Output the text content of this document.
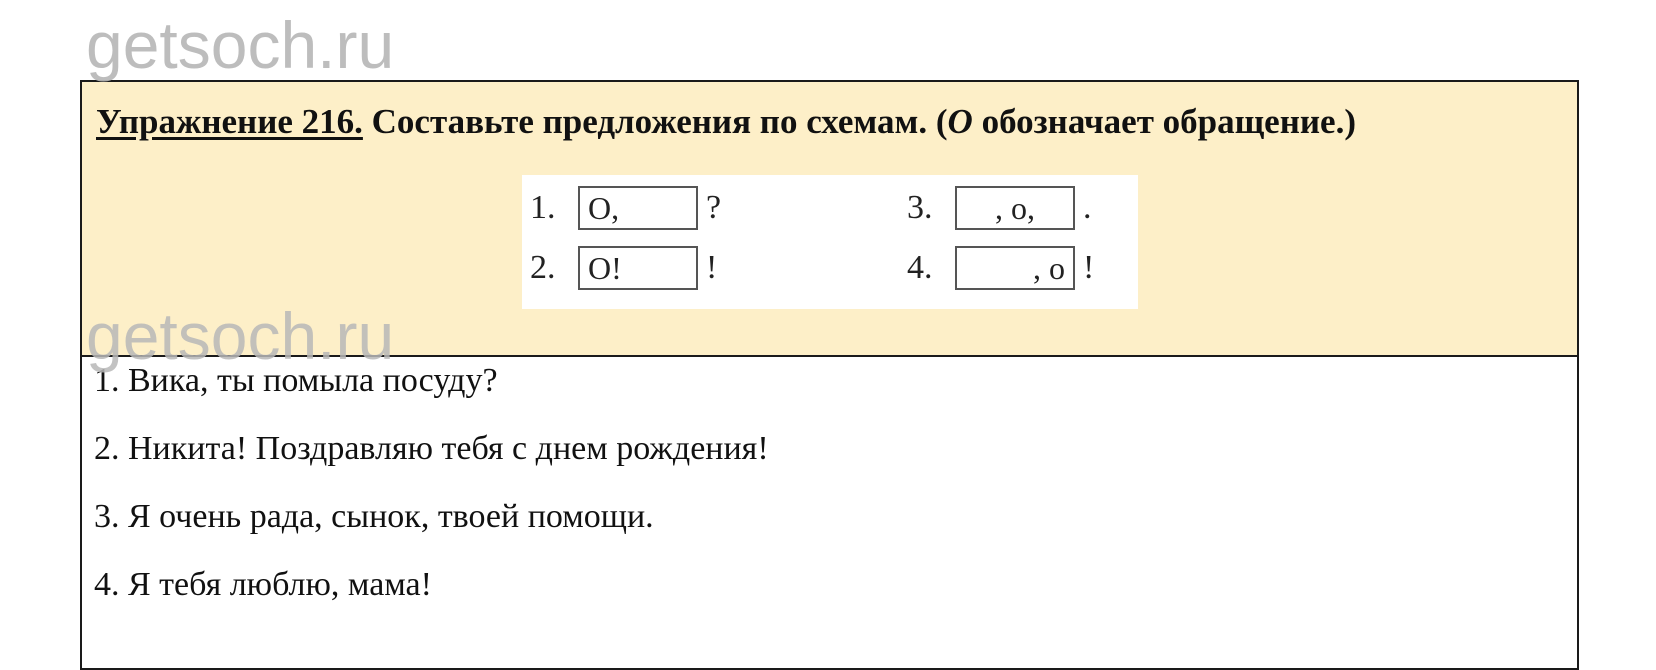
getsoch.ru
Упражнение 216. Составьте предложения по схемам. (О обозначает обращение.)
1.	О,	?
2.	О!	!
3.	, о,	.
4.	, о !
1. Вика, ты помыла посуду?
2. Никита! Поздравляю тебя с днем рождения!
3. Я очень рада, сынок, твоей помощи.
4. Я тебя люблю, мама!
getsoch.ru
